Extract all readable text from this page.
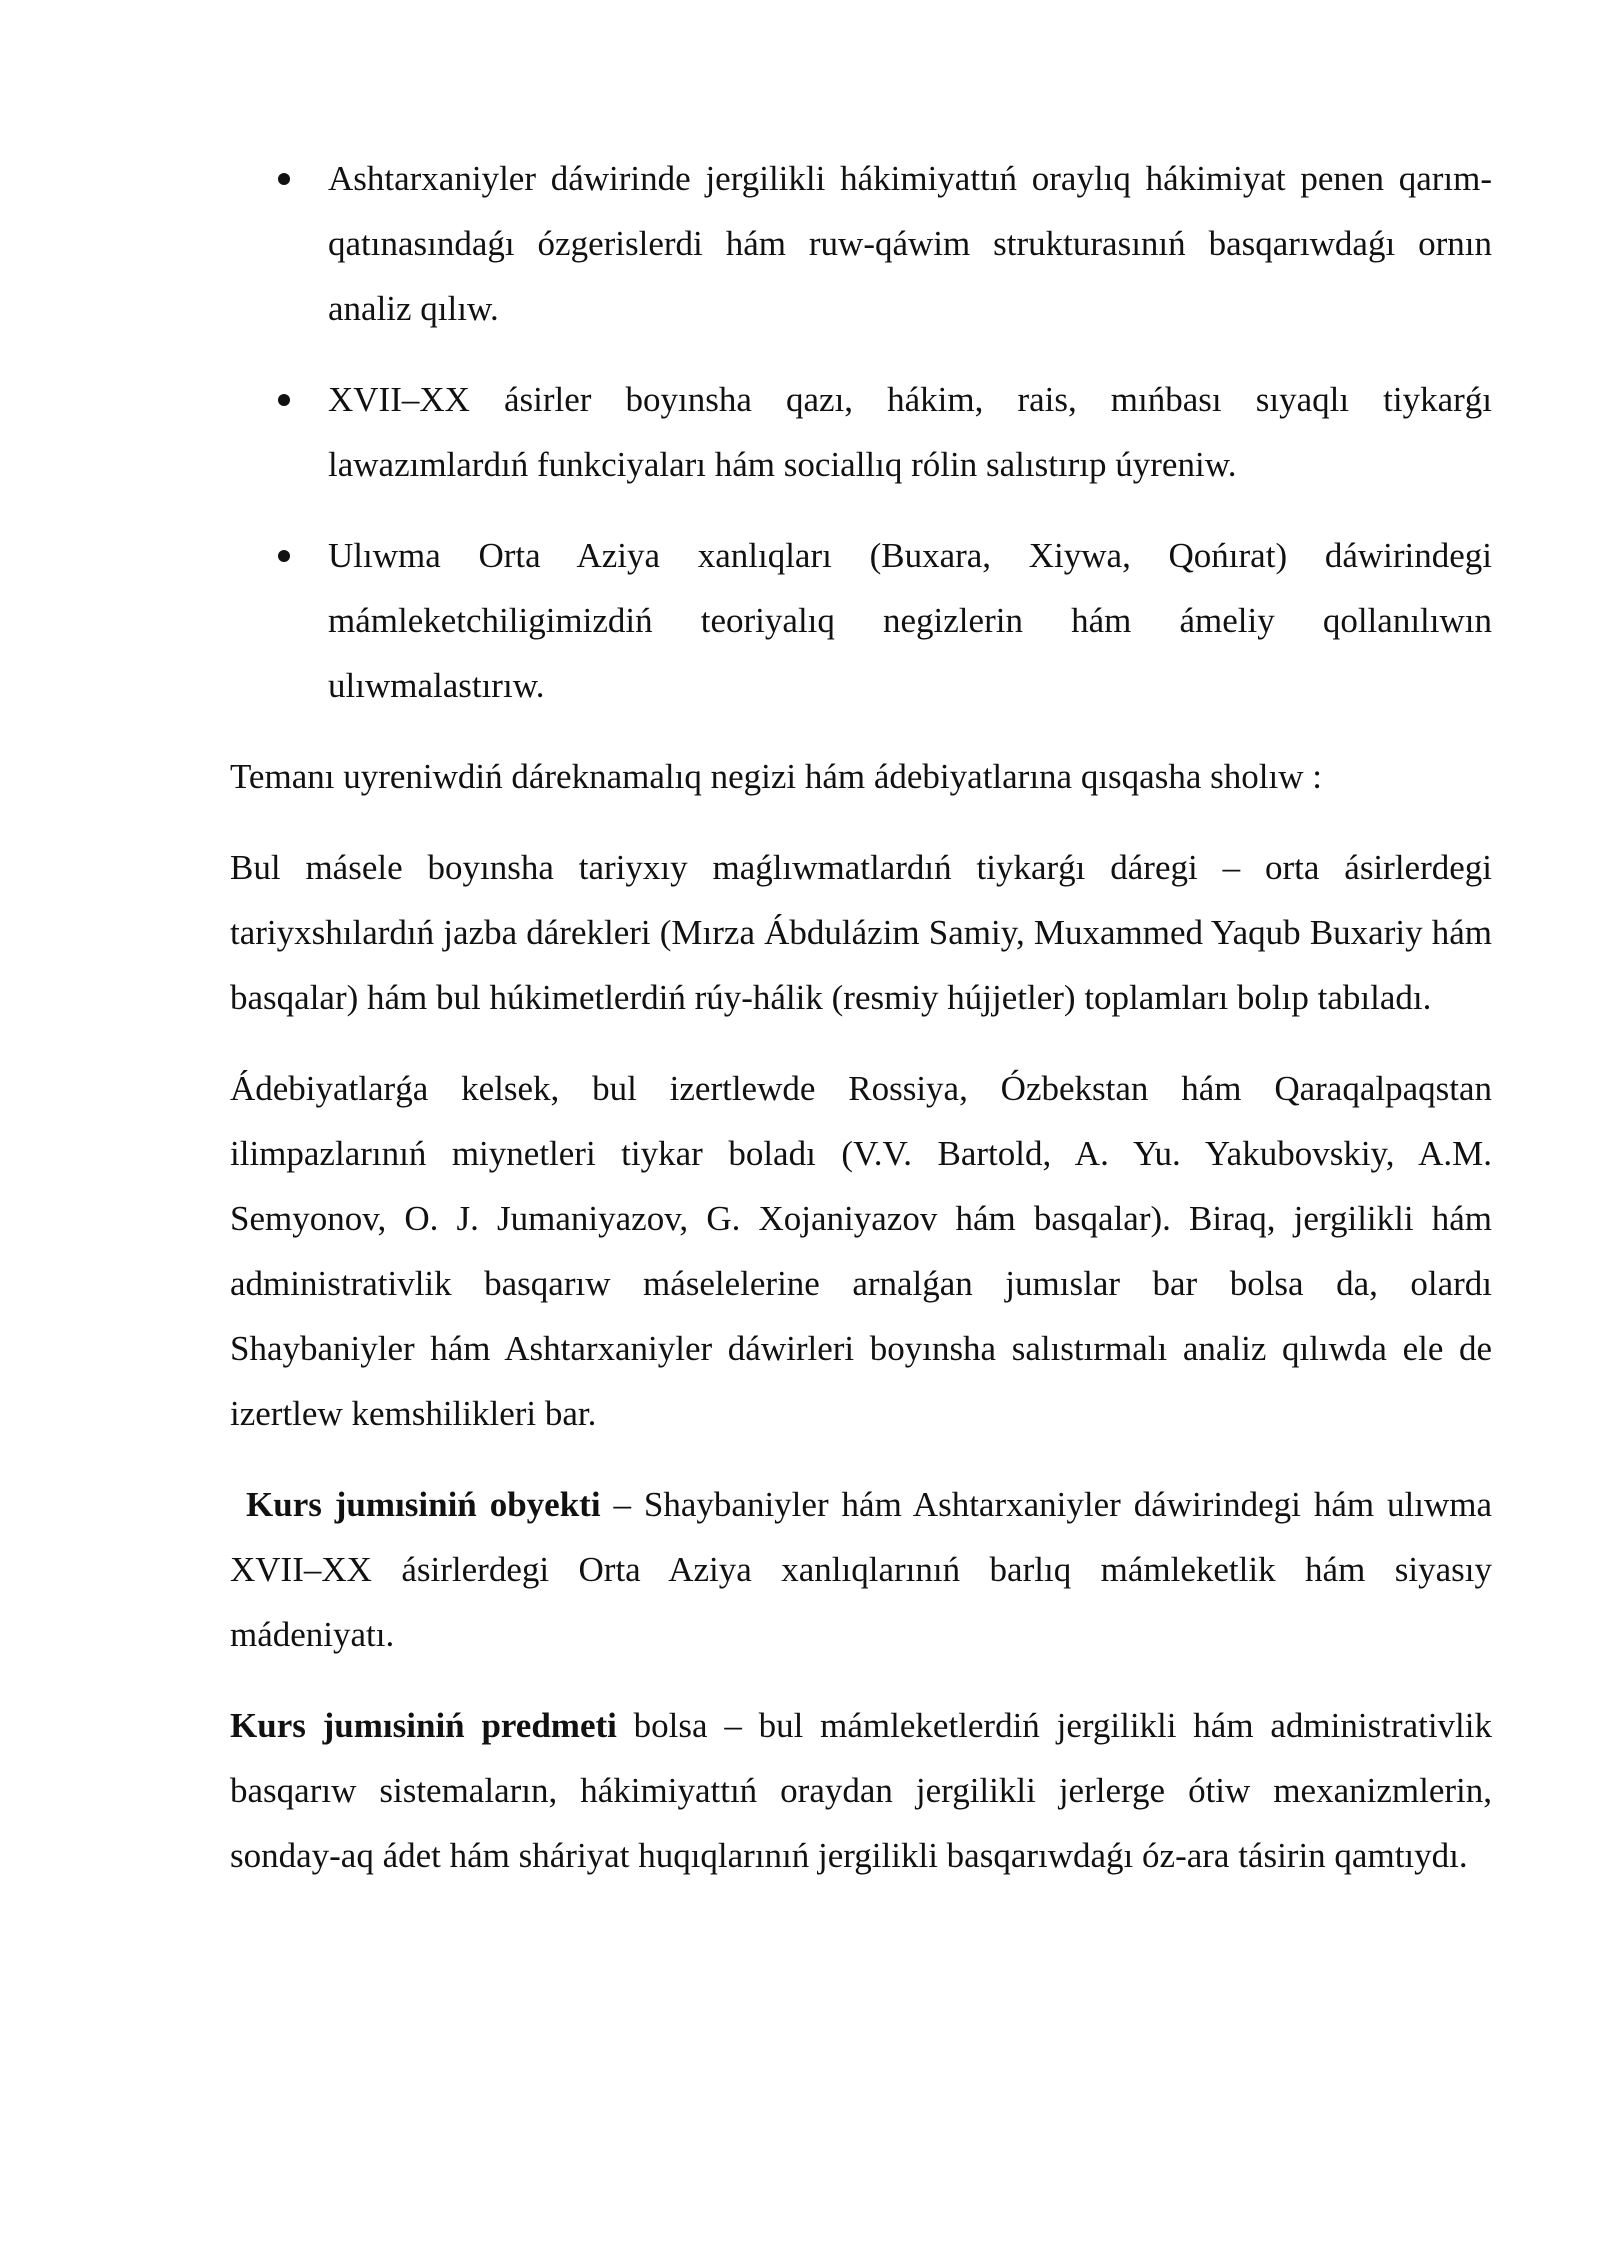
Ashtarxaniyler dáwirinde jergilikli hákimiyattıń oraylıq hákimiyat penen qarım-qatınasındaǵı ózgerislerdi hám ruw-qáwim strukturasınıń basqarıwdaǵı ornın analiz qılıw.
XVII–XX ásirler boyınsha qazı, hákim, rais, mıńbası sıyaqlı tiykarǵı lawazımlardıń funkciyaları hám sociallıq rólin salıstırıp úyreniw.
Ulıwma Orta Aziya xanlıqları (Buxara, Xiywa, Qońırat) dáwirindegi mámleketchiligimizdiń teoriyalıq negizlerin hám ámeliy qollanılıwın ulıwmalastırıw.

Temanı uyreniwdiń dáreknamalıq negizi hám ádebiyatlarına qısqasha sholıw :

Bul másele boyınsha tariyxıy maǵlıwmatlardıń tiykarǵı dáregi – orta ásirlerdegi tariyxshılardıń jazba dárekleri (Mırza Ábdulázim Samiy, Muxammed Yaqub Buxariy hám basqalar) hám bul húkimetlerdiń rúy-hálik (resmiy hújjetler) toplamları bolıp tabıladı.

Ádebiyatlarǵa kelsek, bul izertlewde Rossiya, Ózbekstan hám Qaraqalpaqstan ilimpazlarınıń miynetleri tiykar boladı (V.V. Bartold, A. Yu. Yakubovskiy, A.M. Semyonov, O. J. Jumaniyazov, G. Xojaniyazov hám basqalar). Biraq, jergilikli hám administrativlik basqarıw máselelerine arnalǵan jumıslar bar bolsa da, olardı Shaybaniyler hám Ashtarxaniyler dáwirleri boyınsha salıstırmalı analiz qılıwda ele de izertlew kemshilikleri bar.

Kurs jumısiniń obyekti – Shaybaniyler hám Ashtarxaniyler dáwirindegi hám ulıwma XVII–XX ásirlerdegi Orta Aziya xanlıqlarınıń barlıq mámleketlik hám siyasıy mádeniyatı.

Kurs jumısiniń predmeti bolsa – bul mámleketlerdiń jergilikli hám administrativlik basqarıw sistemaların, hákimiyattıń oraydan jergilikli jerlerge ótiw mexanizmlerin, sonday-aq ádet hám sháriyat huqıqlarınıń jergilikli basqarıwdaǵı óz-ara tásirin qamtıydı.
